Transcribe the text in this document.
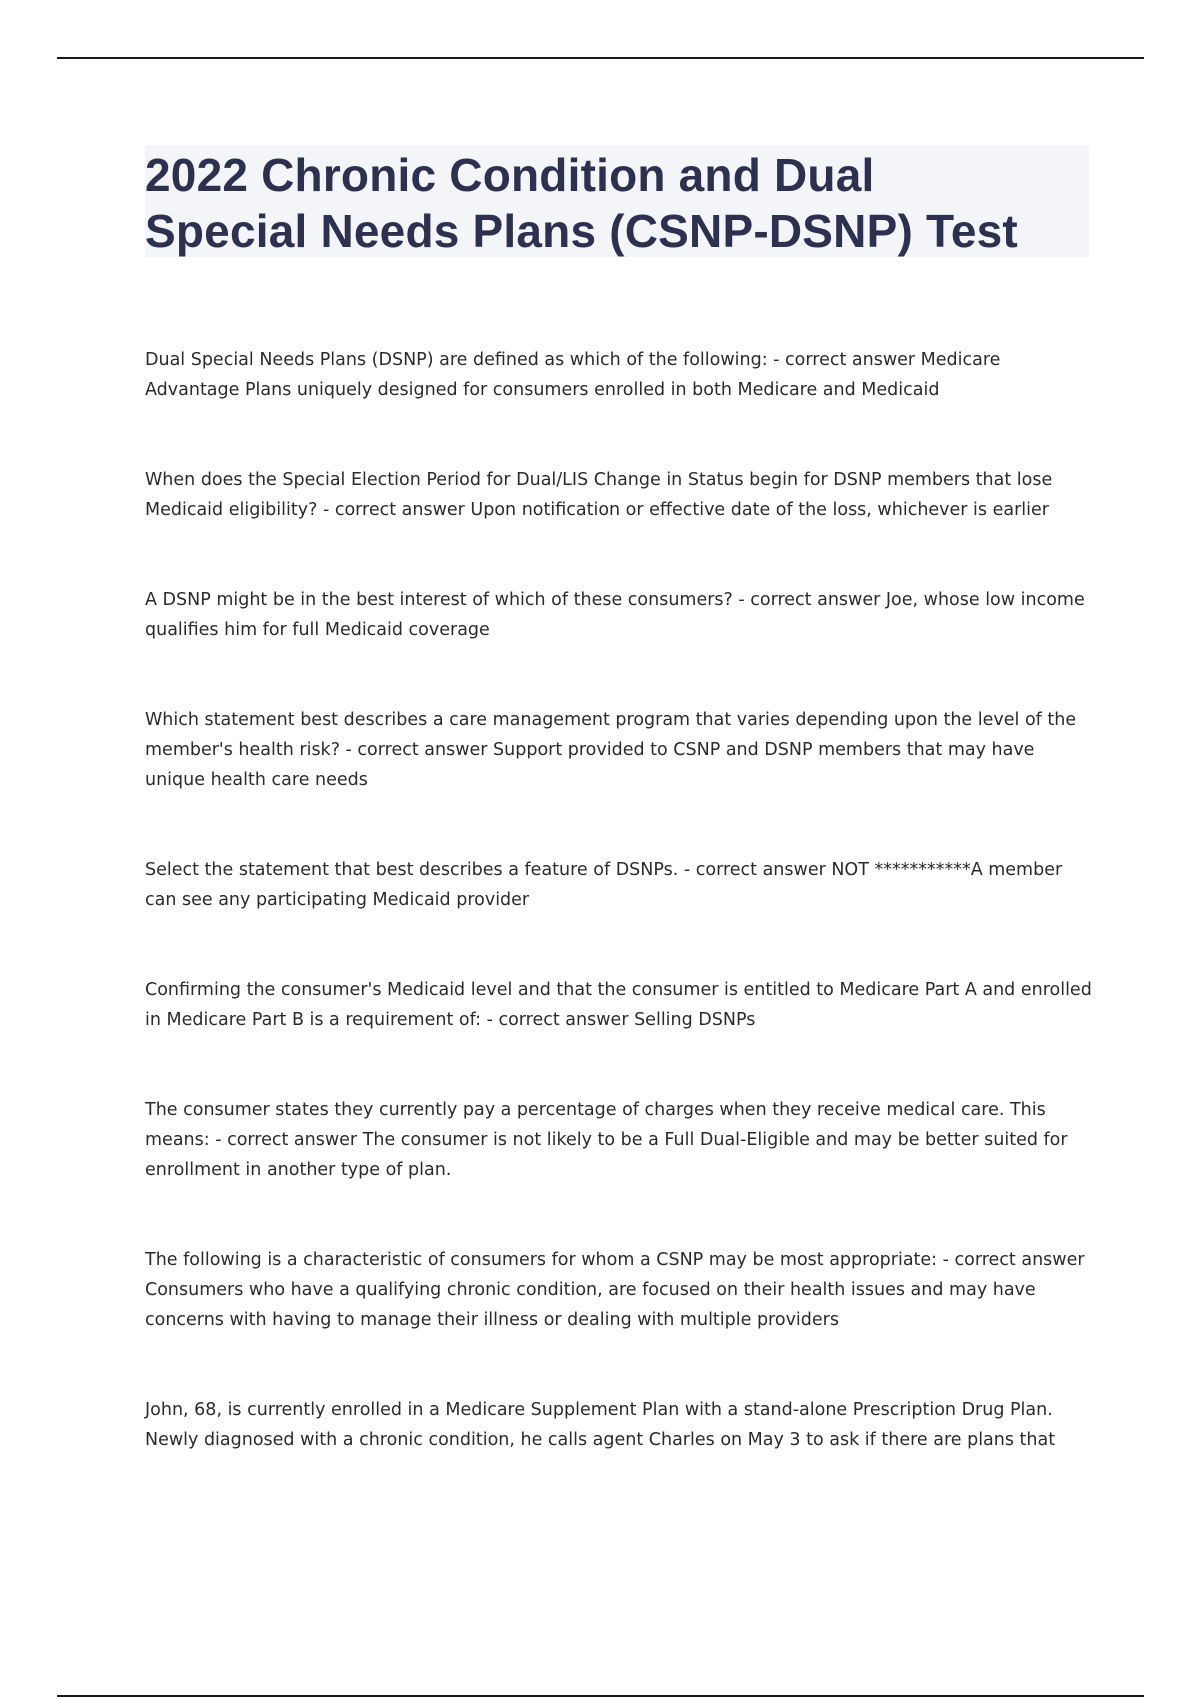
2022 Chronic Condition and Dual
Special Needs Plans (CSNP-DSNP) Test

Dual Special Needs Plans (DSNP) are defined as which of the following: - correct answer Medicare Advantage Plans uniquely designed for consumers enrolled in both Medicare and Medicaid

When does the Special Election Period for Dual/LIS Change in Status begin for DSNP members that lose Medicaid eligibility? - correct answer Upon notification or effective date of the loss, whichever is earlier

A DSNP might be in the best interest of which of these consumers? - correct answer Joe, whose low income qualifies him for full Medicaid coverage

Which statement best describes a care management program that varies depending upon the level of the member's health risk? - correct answer Support provided to CSNP and DSNP members that may have unique health care needs

Select the statement that best describes a feature of DSNPs. - correct answer NOT ***********A member can see any participating Medicaid provider

Confirming the consumer's Medicaid level and that the consumer is entitled to Medicare Part A and enrolled in Medicare Part B is a requirement of: - correct answer Selling DSNPs

The consumer states they currently pay a percentage of charges when they receive medical care. This means: - correct answer The consumer is not likely to be a Full Dual-Eligible and may be better suited for enrollment in another type of plan.

The following is a characteristic of consumers for whom a CSNP may be most appropriate: - correct answer Consumers who have a qualifying chronic condition, are focused on their health issues and may have concerns with having to manage their illness or dealing with multiple providers

John, 68, is currently enrolled in a Medicare Supplement Plan with a stand-alone Prescription Drug Plan. Newly diagnosed with a chronic condition, he calls agent Charles on May 3 to ask if there are plans that
